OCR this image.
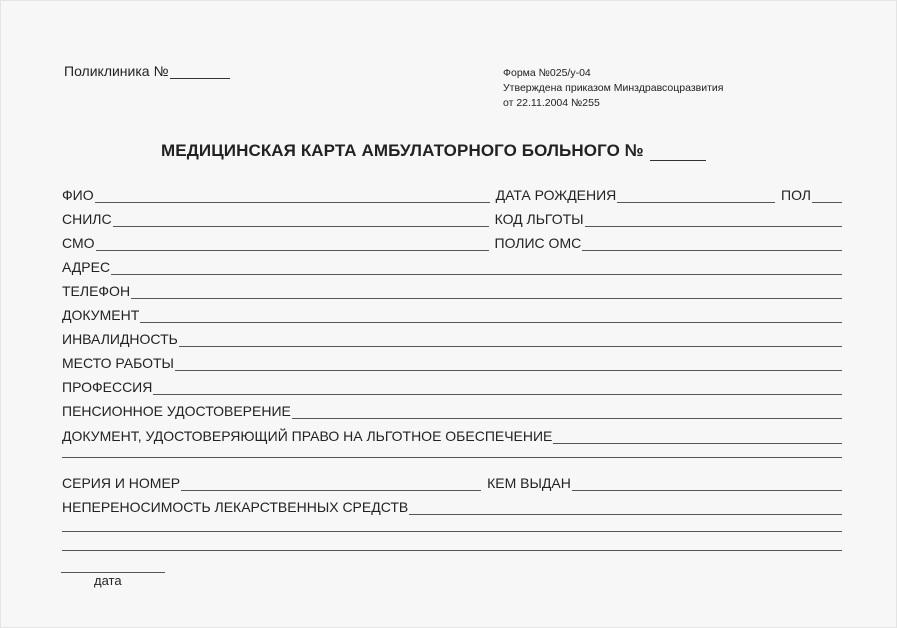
Поликлиника №	Форма №025/у-04
Утверждена приказом Минздравсоцразвития
от 22.11.2004 №255
МЕДИЦИНСКАЯ КАРТА АМБУЛАТОРНОГО БОЛЬНОГО №
ФИО	ДАТА РОЖДЕНИЯ	ПОЛ
СНИЛС	КОД ЛЬГОТЫ
СМО	ПОЛИС ОМС
АДРЕС
ТЕЛЕФОН
ДОКУМЕНТ
ИНВАЛИДНОСТЬ
МЕСТО РАБОТЫ
ПРОФЕССИЯ
ПЕНСИОННОЕ УДОСТОВЕРЕНИЕ
ДОКУМЕНТ, УДОСТОВЕРЯЮЩИЙ ПРАВО НА ЛЬГОТНОЕ ОБЕСПЕЧЕНИЕ
СЕРИЯ И НОМЕР	КЕМ ВЫДАН
НЕПЕРЕНОСИМОСТЬ ЛЕКАРСТВЕННЫХ СРЕДСТВ
дата
